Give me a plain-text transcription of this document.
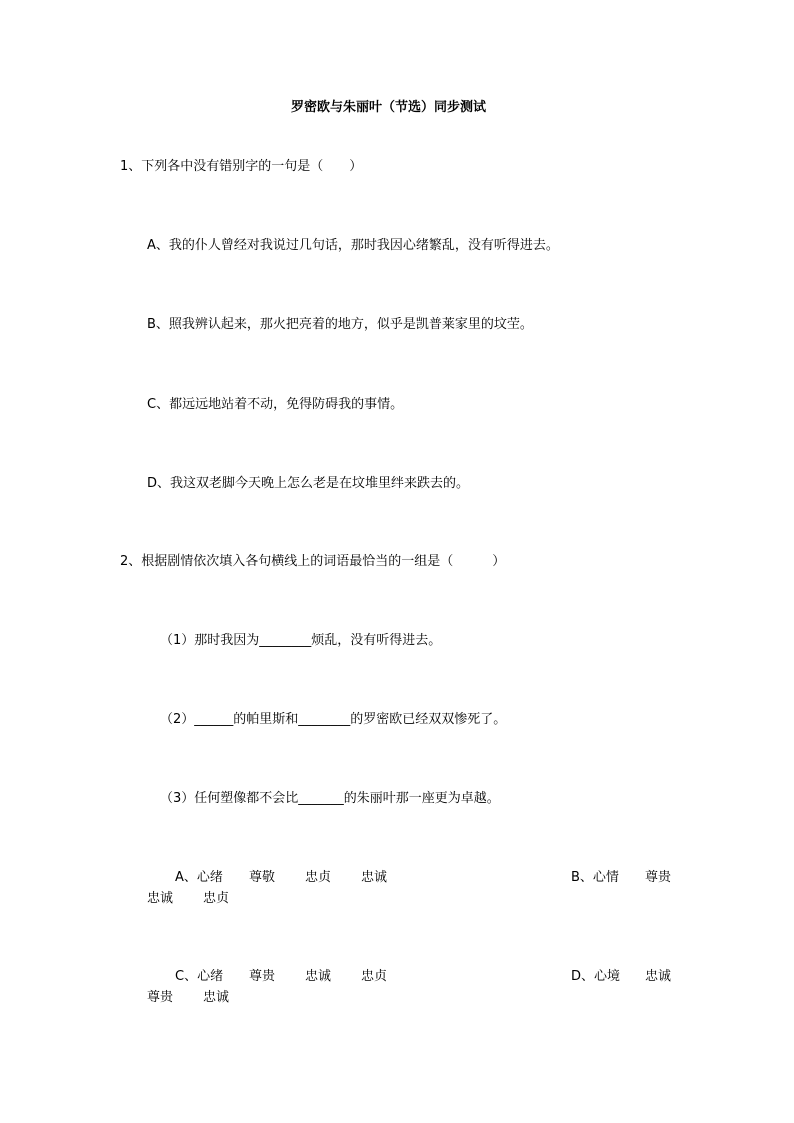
罗密欧与朱丽叶（节选）同步测试
1、下列各中没有错别字的一句是（　　）
A、我的仆人曾经对我说过几句话，那时我因心绪繁乱，没有听得进去。
B、照我辨认起来，那火把亮着的地方，似乎是凯普莱家里的坟茔。
C、都远远地站着不动，免得防碍我的事情。
D、我这双老脚今天晚上怎么老是在坟堆里绊来跌去的。
2、根据剧情依次填入各句横线上的词语最恰当的一组是（　　　）
（1）那时我因为________烦乱，没有听得进去。
（2）______的帕里斯和________的罗密欧已经双双惨死了。
（3）任何塑像都不会比_______的朱丽叶那一座更为卓越。
A、心绪 尊敬 忠贞 忠诚	B、心情 尊贵
忠诚 忠贞
C、心绪 尊贵 忠诚 忠贞	D、心境 忠诚
尊贵 忠诚
